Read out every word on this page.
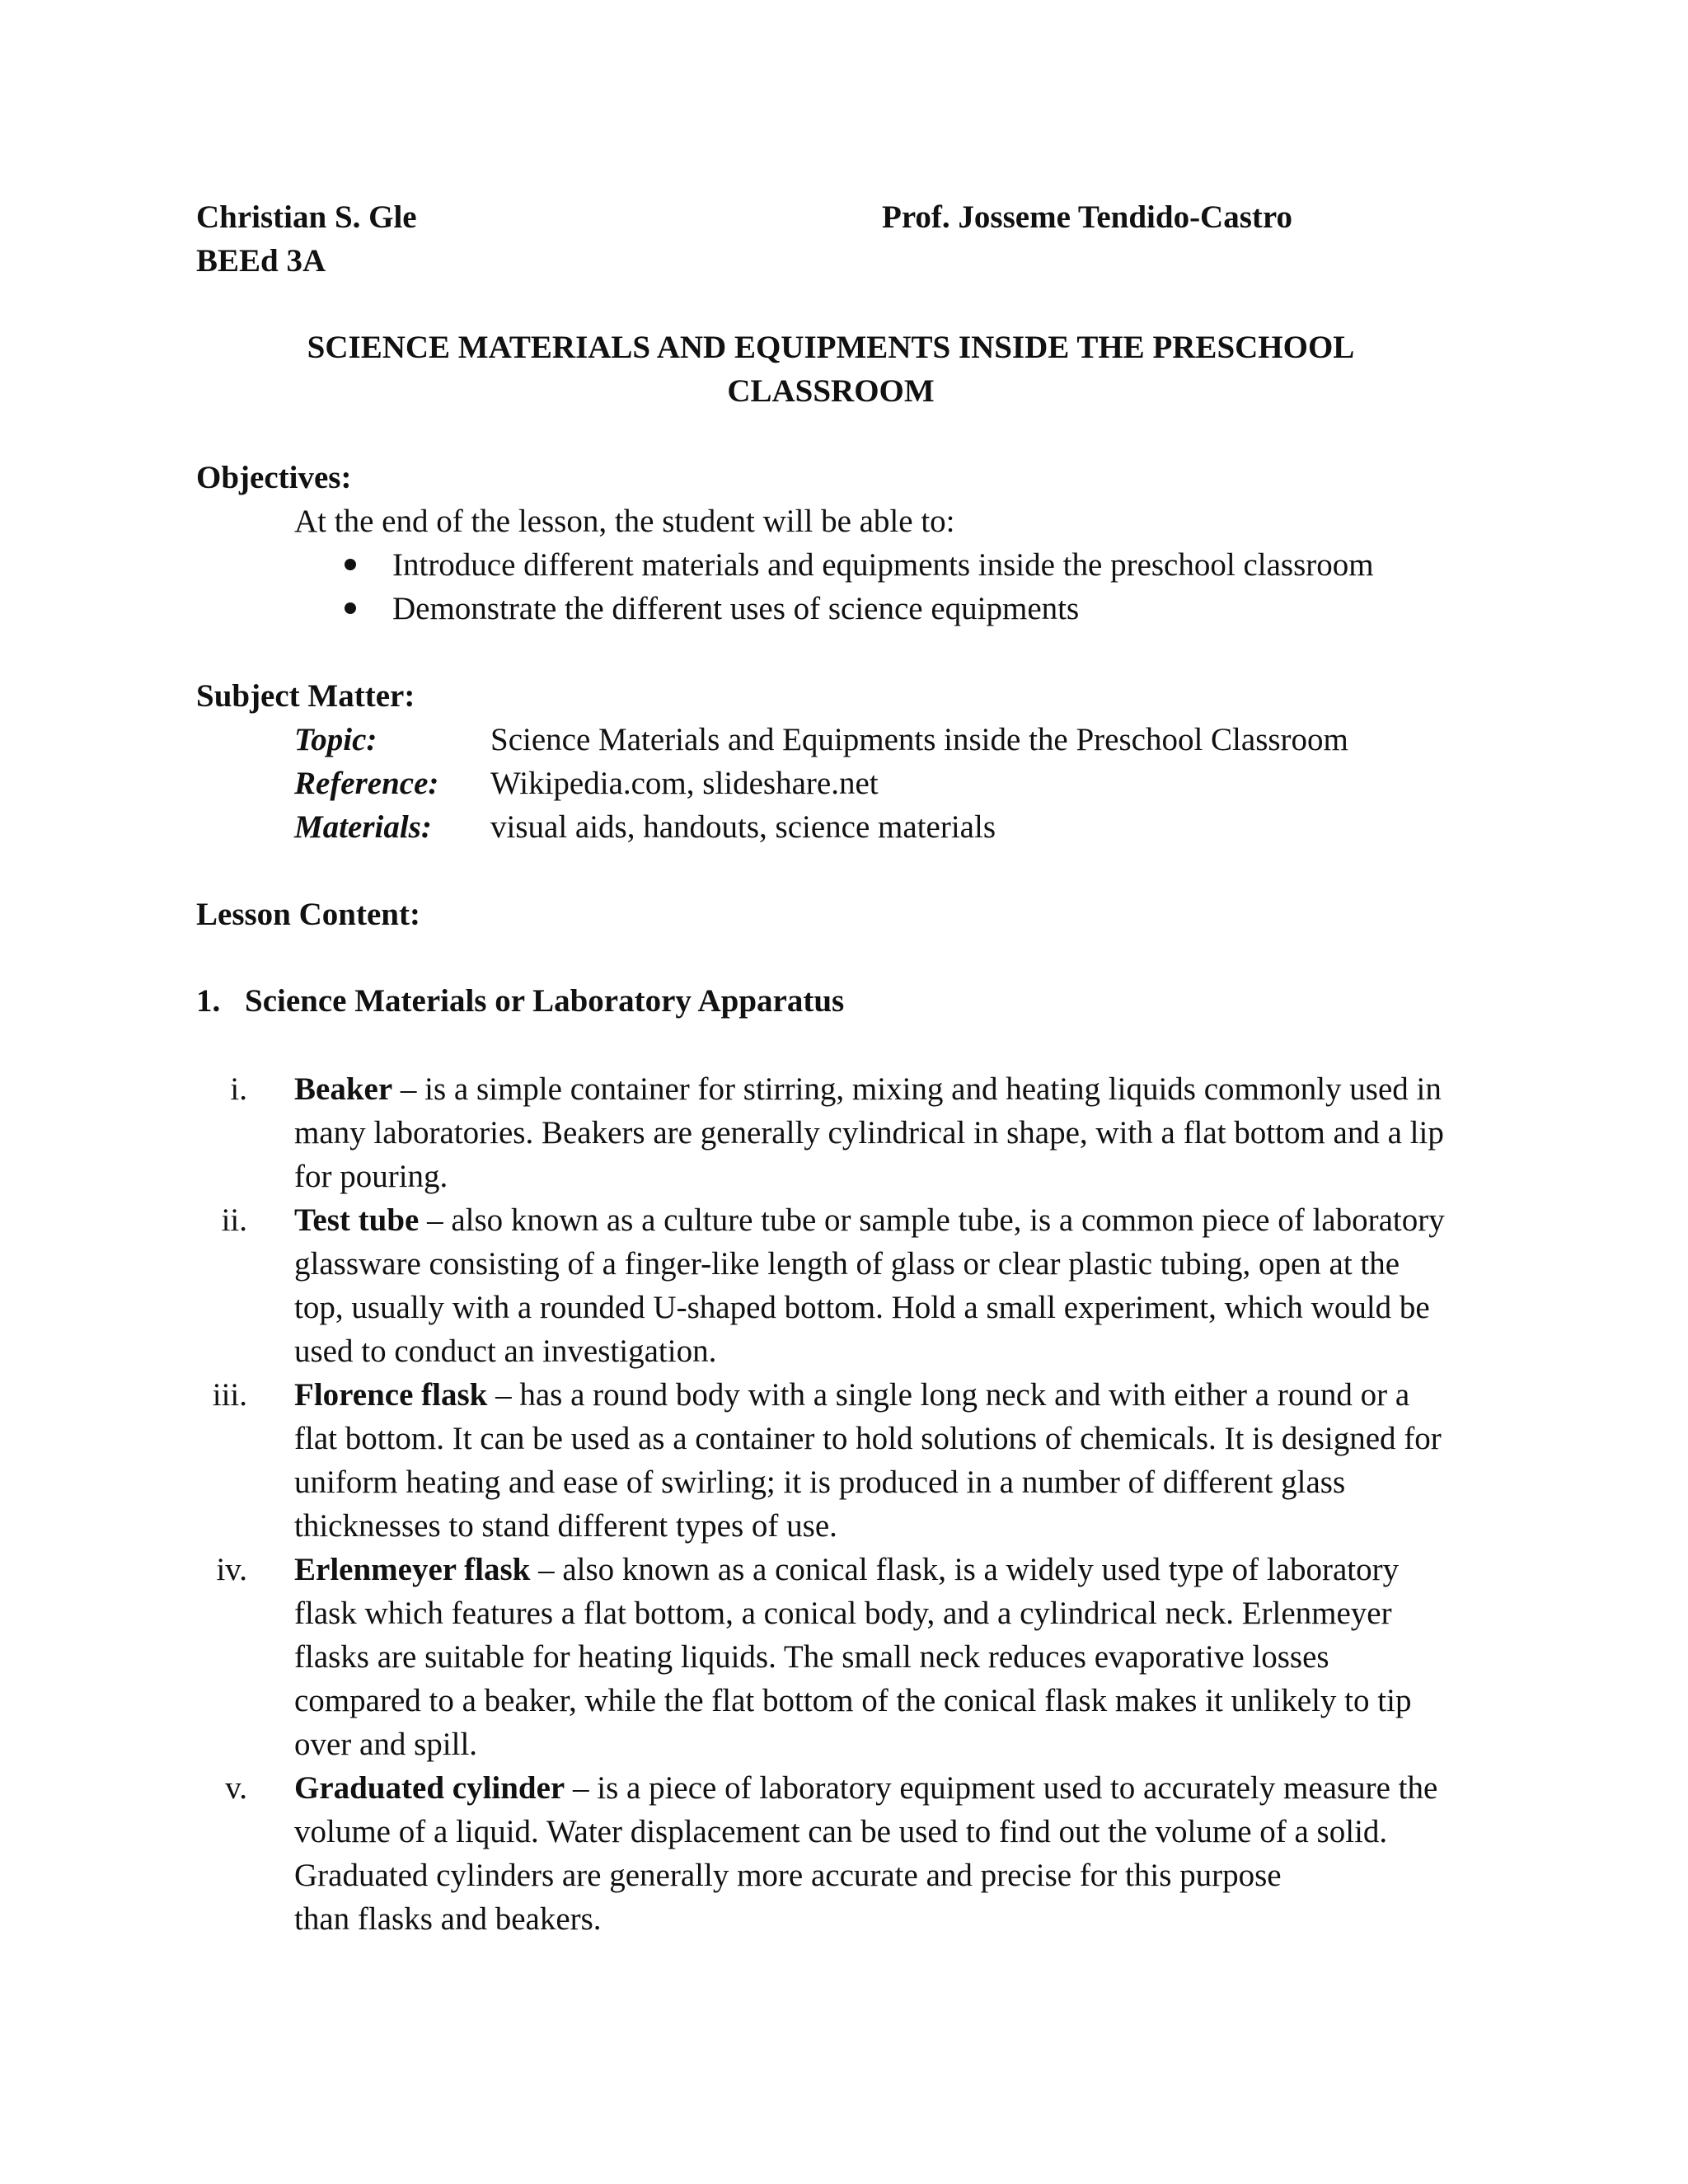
Christian S. Gle
BEEd 3A
Prof. Josseme Tendido-Castro
SCIENCE MATERIALS AND EQUIPMENTS INSIDE THE PRESCHOOL
CLASSROOM
Objectives:
At the end of the lesson, the student will be able to:
Introduce different materials and equipments inside the preschool classroom
Demonstrate the different uses of science equipments
Subject Matter:
Topic:	Science Materials and Equipments inside the Preschool Classroom
Reference: Wikipedia.com, slideshare.net
Materials: visual aids, handouts, science materials
Lesson Content:
1. Science Materials or Laboratory Apparatus
i. Beaker – is a simple container for stirring, mixing and heating liquids commonly used in
many laboratories. Beakers are generally cylindrical in shape, with a flat bottom and a lip
for pouring.
ii. Test tube – also known as a culture tube or sample tube, is a common piece of laboratory
glassware consisting of a finger-like length of glass or clear plastic tubing, open at the
top, usually with a rounded U-shaped bottom. Hold a small experiment, which would be
used to conduct an investigation.
iii. Florence flask – has a round body with a single long neck and with either a round or a
flat bottom. It can be used as a container to hold solutions of chemicals. It is designed for
uniform heating and ease of swirling; it is produced in a number of different glass
thicknesses to stand different types of use.
iv. Erlenmeyer flask – also known as a conical flask, is a widely used type of laboratory
flask which features a flat bottom, a conical body, and a cylindrical neck. Erlenmeyer
flasks are suitable for heating liquids. The small neck reduces evaporative losses
compared to a beaker, while the flat bottom of the conical flask makes it unlikely to tip
over and spill.
v. Graduated cylinder – is a piece of laboratory equipment used to accurately measure the
volume of a liquid. Water displacement can be used to find out the volume of a solid.
Graduated cylinders are generally more accurate and precise for this purpose
than flasks and beakers.
